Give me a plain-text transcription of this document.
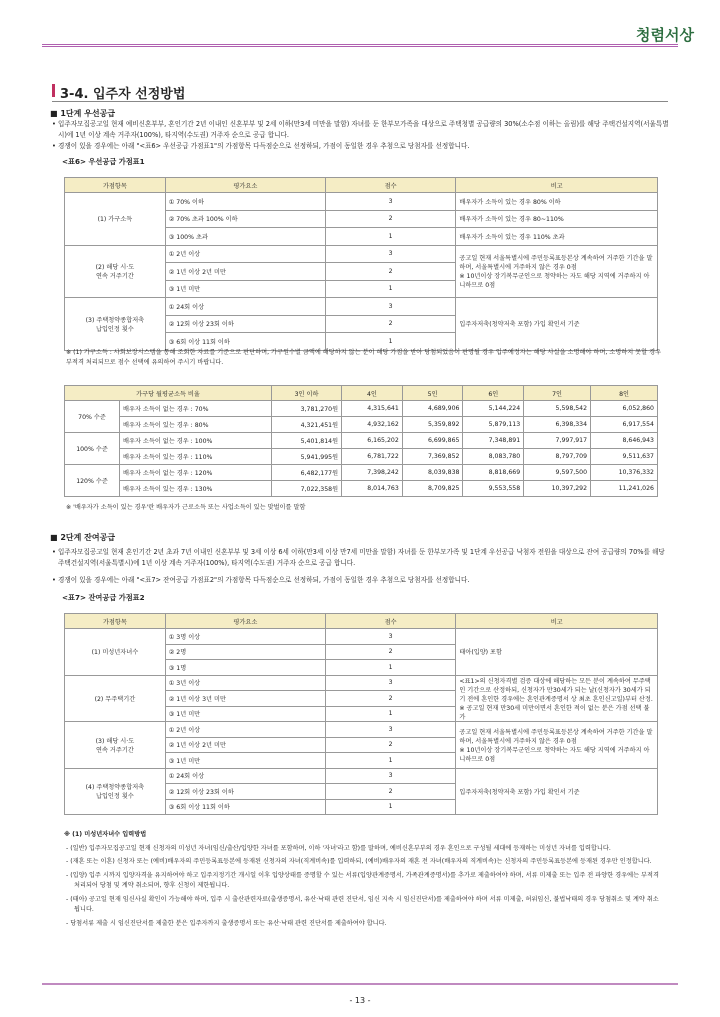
청렴서상
3-4. 입주자 선정방법
■ 1단계 우선공급
• 입주자모집공고일 현재 예비신혼부부, 혼인기간 2년 이내인 신혼부부 및 2세 이하(만3세 미만을 말함) 자녀를 둔 한부모가족을 대상으로 주택청별 공급량의 30%(소수점 이하는 올림)를 해당 주택건설지역(서울특별시)에 1년 이상 계속 거주자(100%), 타지역(수도권) 거주자 순으로 공급 합니다.
• 경쟁이 있을 경우에는 아래 "<표6> 우선공급 가점표1"의 가점항목 다득점순으로 선정하되, 가점이 동일한 경우 추첨으로 당첨자를 선정합니다.
<표6> 우선공급 가점표1
가점항목	평가요소	점수	비고
(1) 가구소득	① 70% 이하	3	배우자가 소득이 있는 경우 80% 이하
	② 70% 초과 100% 이하	2	배우자가 소득이 있는 경우 80~110%
	③ 100% 초과	1	배우자가 소득이 있는 경우 110% 초과
(2) 해당 시·도
연속 거주기간	① 2년 이상	3	공고일 현재 서울특별시에 주민등록표등본상 계속하여 거주한 기간을 말하며, 서울특별시에 거주하지 않은 경우 0점
※ 10년이상 장기복무군인으로 청약하는 자도 해당 지역에 거주하지 아니하므로 0점
	② 1년 이상 2년 미만	2	
	③ 1년 미만	1	
(3) 주택청약종합저축
납입인정 횟수	① 24회 이상	3	입주자저축(청약저축 포함) 가입 확인서 기준
	② 12회 이상 23회 이하	2	
	③ 6회 이상 11회 이하	1	
※ (1) 가구소득 : 사회보장시스템을 통해 조회한 자료를 기준으로 판단하며, 가구원수별 금액에 해당하지 않는 분이 해당 가점을 받아 당첨되었음이 판명될 경우 입주예정자는 해당 사실을 소명해야 하며, 소명하지 못할 경우 부적격 처리되므로 점수 선택에 유의하여 주시기 바랍니다.
가구당 월평균소득 비율		3인 이하	4인	5인	6인	7인	8인
70% 수준	배우자 소득이 없는 경우 : 70%	3,781,270원	4,315,641	4,689,906	5,144,224	5,598,542	6,052,860
	배우자 소득이 있는 경우 : 80%	4,321,451원	4,932,162	5,359,892	5,879,113	6,398,334	6,917,554
100% 수준	배우자 소득이 없는 경우 : 100%	5,401,814원	6,165,202	6,699,865	7,348,891	7,997,917	8,646,943
	배우자 소득이 있는 경우 : 110%	5,941,995원	6,781,722	7,369,852	8,083,780	8,797,709	9,511,637
120% 수준	배우자 소득이 없는 경우 : 120%	6,482,177원	7,398,242	8,039,838	8,818,669	9,597,500	10,376,332
	배우자 소득이 있는 경우 : 130%	7,022,358원	8,014,763	8,709,825	9,553,558	10,397,292	11,241,026
※ '배우자가 소득이 있는 경우'란 배우자가 근로소득 또는 사업소득이 있는 맞벌이를 말함
■ 2단계 잔여공급
• 입주자모집공고일 현재 혼인기간 2년 초과 7년 이내인 신혼부부 및 3세 이상 6세 이하(만3세 이상 만7세 미만을 말함) 자녀를 둔 한부모가족 및 1단계 우선공급 낙첨자 전원을 대상으로 잔여 공급량의 70%를 해당 주택건설지역(서울특별시)에 1년 이상 계속 거주자(100%), 타지역(수도권) 거주자 순으로 공급 합니다.
• 경쟁이 있을 경우에는 아래 "<표7> 잔여공급 가점표2"의 가점항목 다득점순으로 선정하되, 가점이 동일한 경우 추첨으로 당첨자를 선정합니다.
<표7> 잔여공급 가점표2
가점항목	평가요소	점수	비고
(1) 미성년자녀수	① 3명 이상	3	태아(입양) 포함
	② 2명	2	
	③ 1명	1	
(2) 무주택기간	① 3년 이상	3	<표1>의 신청자격별 검증 대상에 해당하는 모든 분이 계속하여 무주택인 기간으로 산정하되, 신청자가 만30세가 되는 날(신청자가 30세가 되기 전에 혼인한 경우에는 혼인관계증명서 상 최초 혼인신고일)부터 산정.
※ 공고일 현재 만30세 미만이면서 혼인한 적이 없는 분은 가점 선택 불가
	② 1년 이상 3년 미만	2	
	③ 1년 미만	1	
(3) 해당 시·도
연속 거주기간	① 2년 이상	3	공고일 현재 서울특별시에 주민등록표등본상 계속하여 거주한 기간을 말하며, 서울특별시에 거주하지 않은 경우 0점
※ 10년이상 장기복무군인으로 청약하는 자도 해당 지역에 거주하지 아니하므로 0점
	② 1년 이상 2년 미만	2	
	③ 1년 미만	1	
(4) 주택청약종합저축
납입인정 횟수	① 24회 이상	3	입주자저축(청약저축 포함) 가입 확인서 기준
	② 12회 이상 23회 이하	2	
	③ 6회 이상 11회 이하	1	
※ (1) 미성년자녀수 입력방법
- (일반) 입주자모집공고일 현재 신청자의 미성년 자녀(임신/출산/입양한 자녀를 포함하며, 이하 '자녀'라고 함)를 말하며, 예비신혼부부의 경우 혼인으로 구성될 세대에 등재하는 미성년 자녀를 입력합니다.
- (재혼 또는 이혼) 신청자 또는 (예비)배우자의 주민등록표등본에 등재된 신청자의 자녀(직계비속)를 입력하되, (예비)배우자의 재혼 전 자녀(배우자의 직계비속)는 신청자의 주민등록표등본에 등재된 경우만 인정합니다.
- (입양) 입주 시까지 입양자격을 유지하여야 하고 입주지정기간 개시일 이후 입양상태를 증명할 수 있는 서류(입양관계증명서, 가족관계증명서)를 추가로 제출하여야 하며, 서류 미제출 또는 입주 전 파양한 경우에는 부적격 처리되어 당첨 및 계약 취소되며, 향후 신청이 제한됩니다.
- (태아) 공고일 현재 임신사실 확인이 가능해야 하며, 입주 시 출산관련자료(출생증명서, 유산·낙태 관련 진단서, 임신 지속 시 임신진단서)를 제출하여야 하며 서류 미제출, 허위임신, 불법낙태의 경우 당첨취소 및 계약 취소됩니다.
- 당첨서류 제출 시 임신진단서를 제출한 분은 입주자까지 출생증명서 또는 유산·낙태 관련 진단서를 제출하여야 합니다.
- 13 -
